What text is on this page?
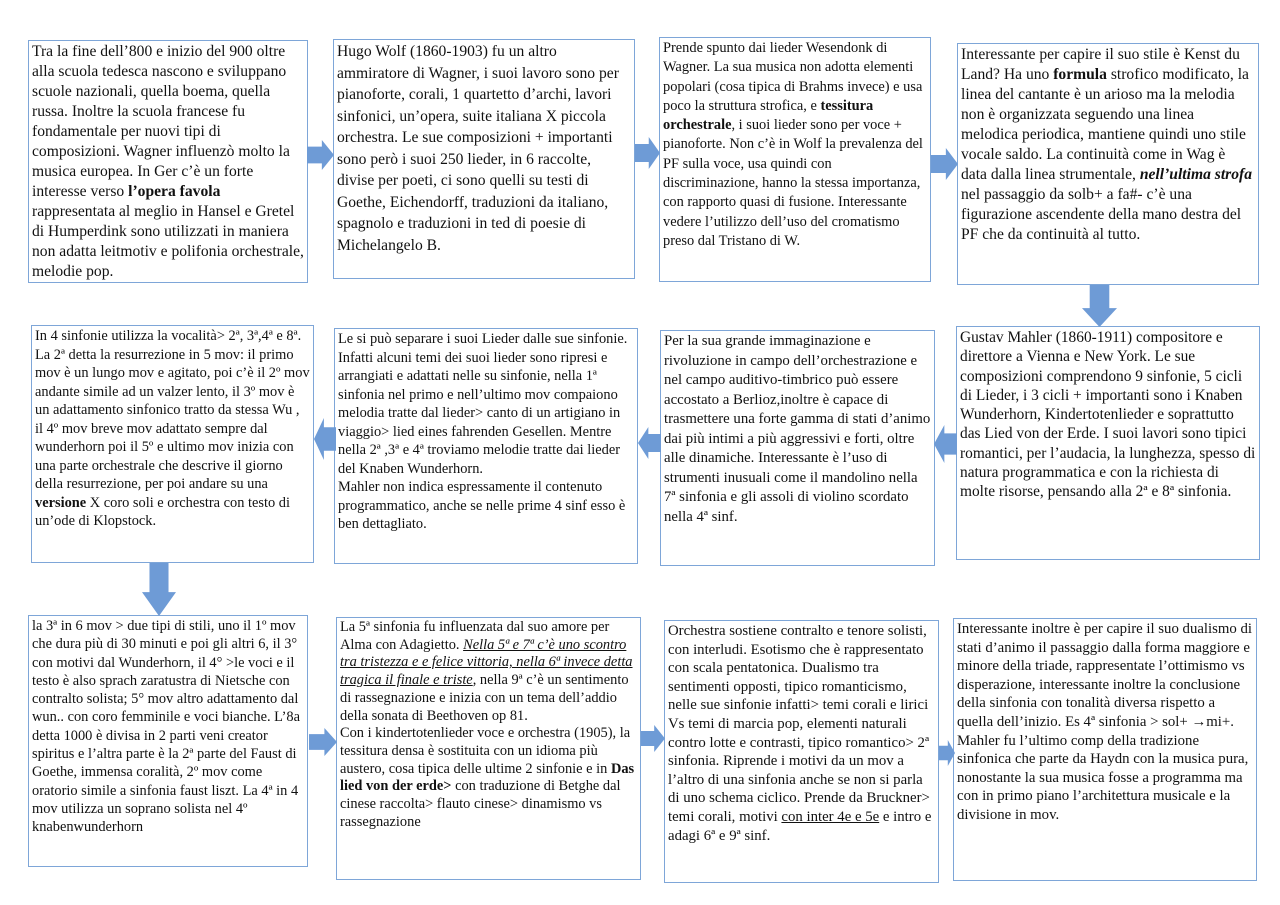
Tra la fine dell’800 e inizio del 900 oltre alla scuola tedesca nascono e sviluppano scuole nazionali, quella boema, quella russa. Inoltre la scuola francese fu fondamentale per nuovi tipi di composizioni. Wagner influenzò molto la musica europea. In Ger c’è un forte interesse verso l’opera favola rappresentata al meglio in Hansel e Gretel di Humperdink sono utilizzati in maniera non adatta leitmotiv e polifonia orchestrale, melodie pop.

Hugo Wolf (1860-1903) fu un altro ammiratore di Wagner, i suoi lavoro sono per pianoforte, corali, 1 quartetto d’archi, lavori sinfonici, un’opera, suite italiana X piccola orchestra. Le sue composizioni + importanti sono però i suoi 250 lieder, in 6 raccolte, divise per poeti, ci sono quelli su testi di Goethe, Eichendorff, traduzioni da italiano, spagnolo e traduzioni in ted di poesie di Michelangelo B.

Prende spunto dai lieder Wesendonk di Wagner. La sua musica non adotta elementi popolari (cosa tipica di Brahms invece) e usa poco la struttura strofica, e tessitura orchestrale, i suoi lieder sono per voce + pianoforte. Non c’è in Wolf la prevalenza del PF sulla voce, usa quindi con discriminazione, hanno la stessa importanza, con rapporto quasi di fusione. Interessante vedere l’utilizzo dell’uso del cromatismo preso dal Tristano di W.

Interessante per capire il suo stile è Kenst du Land? Ha uno formula strofico modificato, la linea del cantante è un arioso ma la melodia non è organizzata seguendo una linea melodica periodica, mantiene quindi uno stile vocale saldo. La continuità come in Wag è data dalla linea strumentale, nell’ultima strofa nel passaggio da solb+ a fa#- c’è una figurazione ascendente della mano destra del PF che da continuità al tutto.

In 4 sinfonie utilizza la vocalità> 2ª, 3ª,4ª e 8ª. La 2ª detta la resurrezione in 5 mov: il primo mov è un lungo mov e agitato, poi c’è il 2º mov andante simile ad un valzer lento, il 3º mov è un adattamento sinfonico tratto da stessa Wu , il 4º mov breve mov adattato sempre dal wunderhorn poi il 5º e ultimo mov inizia con una parte orchestrale che descrive il giorno della resurrezione, per poi andare su una versione X coro soli e orchestra con testo di un’ode di Klopstock.

Le si può separare i suoi Lieder dalle sue sinfonie. Infatti alcuni temi dei suoi lieder sono ripresi e arrangiati e adattati nelle su sinfonie, nella 1ª sinfonia nel primo e nell’ultimo mov compaiono melodia tratte dal lieder> canto di un artigiano in viaggio> lied eines fahrenden Gesellen. Mentre nella 2ª ,3ª e 4ª troviamo melodie tratte dai lieder del Knaben Wunderhorn.

Mahler non indica espressamente il contenuto programmatico, anche se nelle prime 4 sinf esso è ben dettagliato.

Per la sua grande immaginazione e rivoluzione in campo dell’orchestrazione e nel campo auditivo-timbrico può essere accostato a Berlioz,inoltre è capace di trasmettere una forte gamma di stati d’animo dai più intimi a più aggressivi e forti, oltre alle dinamiche. Interessante è l’uso di strumenti inusuali come il mandolino nella 7ª sinfonia e gli assoli di violino scordato nella 4ª sinf.

Gustav Mahler (1860-1911) compositore e direttore a Vienna e New York. Le sue composizioni comprendono 9 sinfonie, 5 cicli di Lieder, i 3 cicli + importanti sono i Knaben Wunderhorn, Kindertotenlieder e soprattutto das Lied von der Erde. I suoi lavori sono tipici romantici, per l’audacia, la lunghezza, spesso di natura programmatica e con la richiesta di molte risorse, pensando alla 2ª e 8ª sinfonia.

la 3ª in 6 mov > due tipi di stili, uno il 1º mov che dura più di 30 minuti e poi gli altri 6, il 3° con motivi dal Wunderhorn, il 4° >le voci e il testo è also sprach zaratustra di Nietsche con contralto solista; 5° mov altro adattamento dal wun.. con coro femminile e voci bianche. L’8a detta 1000 è divisa in 2 parti veni creator spiritus e l’altra parte è la 2ª parte del Faust di Goethe, immensa coralità, 2º mov come oratorio simile a sinfonia faust liszt. La 4ª in 4 mov utilizza un soprano solista nel 4º knabenwunderhorn

La 5ª sinfonia fu influenzata dal suo amore per Alma con Adagietto. Nella 5ª e 7ª c’è uno scontro tra tristezza e e felice vittoria, nella 6ª invece detta tragica il finale e triste, nella 9ª c’è un sentimento di rassegnazione e inizia con un tema dell’addio della sonata di Beethoven op 81.

Con i kindertotenlieder voce e orchestra (1905), la tessitura densa è sostituita con un idioma più austero, cosa tipica delle ultime 2 sinfonie e in Das lied von der erde> con traduzione di Betghe dal cinese raccolta> flauto cinese> dinamismo vs rassegnazione

Orchestra sostiene contralto e tenore solisti, con interludi. Esotismo che è rappresentato con scala pentatonica. Dualismo tra sentimenti opposti, tipico romanticismo, nelle sue sinfonie infatti> temi corali e lirici Vs temi di marcia pop, elementi naturali contro lotte e contrasti, tipico romantico> 2ª sinfonia. Riprende i motivi da un mov a l’altro di una sinfonia anche se non si parla di uno schema ciclico. Prende da Bruckner> temi corali, motivi con inter 4e e 5e e intro e adagi 6ª e 9ª sinf.

Interessante inoltre è per capire il suo dualismo di stati d’animo il passaggio dalla forma maggiore e minore della triade, rappresentate l’ottimismo vs disperazione, interessante inoltre la conclusione della sinfonia con tonalità diversa rispetto a quella dell’inizio. Es 4ª sinfonia > sol+ →mi+. Mahler fu l’ultimo comp della tradizione sinfonica che parte da Haydn con la musica pura, nonostante la sua musica fosse a programma ma con in primo piano l’architettura musicale e la divisione in mov.
